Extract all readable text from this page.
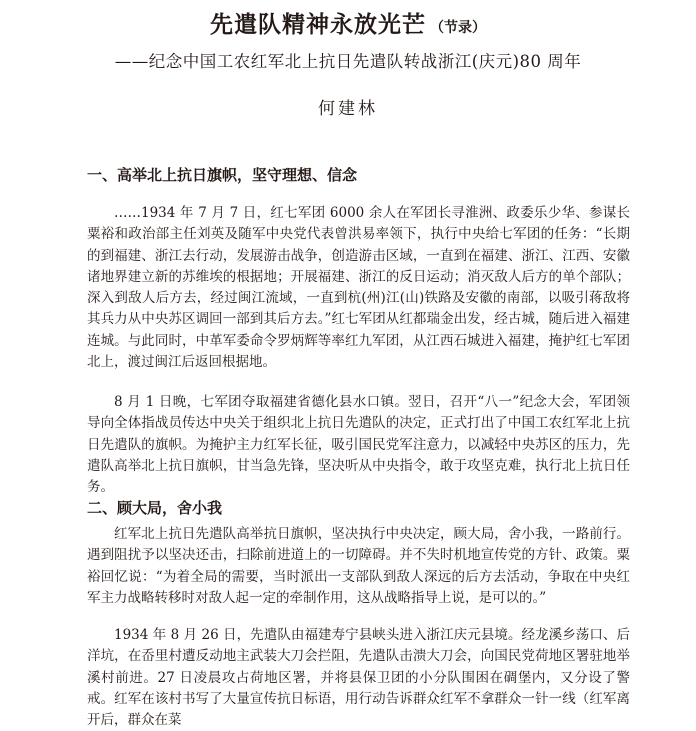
先遣队精神永放光芒 （节录）
——纪念中国工农红军北上抗日先遣队转战浙江(庆元)80 周年
何建林
一、高举北上抗日旗帜，坚守理想、信念

……1934 年 7 月 7 日，红七军团 6000 余人在军团长寻淮洲、政委乐少华、参谋长粟裕和政治部主任刘英及随军中央党代表曾洪易率领下，执行中央给七军团的任务：“长期的到福建、浙江去行动，发展游击战争，创造游击区域，一直到在福建、浙江、江西、安徽诸地界建立新的苏维埃的根据地；开展福建、浙江的反日运动；消灭敌人后方的单个部队；深入到敌人后方去，经过闽江流域，一直到杭(州)江(山)铁路及安徽的南部，以吸引蒋敌将其兵力从中央苏区调回一部到其后方去。”红七军团从红都瑞金出发，经古城，随后进入福建连城。与此同时，中革军委命令罗炳辉等率红九军团，从江西石城进入福建，掩护红七军团北上，渡过闽江后返回根据地。

8 月 1 日晚，七军团夺取福建省德化县水口镇。翌日，召开“八一”纪念大会，军团领导向全体指战员传达中央关于组织北上抗日先遣队的决定，正式打出了中国工农红军北上抗日先遣队的旗帜。为掩护主力红军长征，吸引国民党军注意力，以减轻中央苏区的压力，先遣队高举北上抗日旗帜，甘当急先锋，坚决听从中央指令，敢于攻坚克难，执行北上抗日任务。

二、顾大局，舍小我

红军北上抗日先遣队高举抗日旗帜，坚决执行中央决定，顾大局，舍小我，一路前行。遇到阻扰予以坚决还击，扫除前进道上的一切障碍。并不失时机地宣传党的方针、政策。粟裕回忆说：“为着全局的需要，当时派出一支部队到敌人深远的后方去活动，争取在中央红军主力战略转移时对敌人起一定的牵制作用，这从战略指导上说，是可以的。”

1934 年 8 月 26 日，先遣队由福建寿宁县峡头进入浙江庆元县境。经龙溪乡荡口、后洋坑，在岙里村遭反动地主武装大刀会拦阻，先遣队击溃大刀会，向国民党荷地区署驻地举溪村前进。27 日凌晨攻占荷地区署，并将县保卫团的小分队围困在碉堡内，又分设了警戒。红军在该村书写了大量宣传抗日标语，用行动告诉群众红军不拿群众一针一线（红军离开后，群众在菜
